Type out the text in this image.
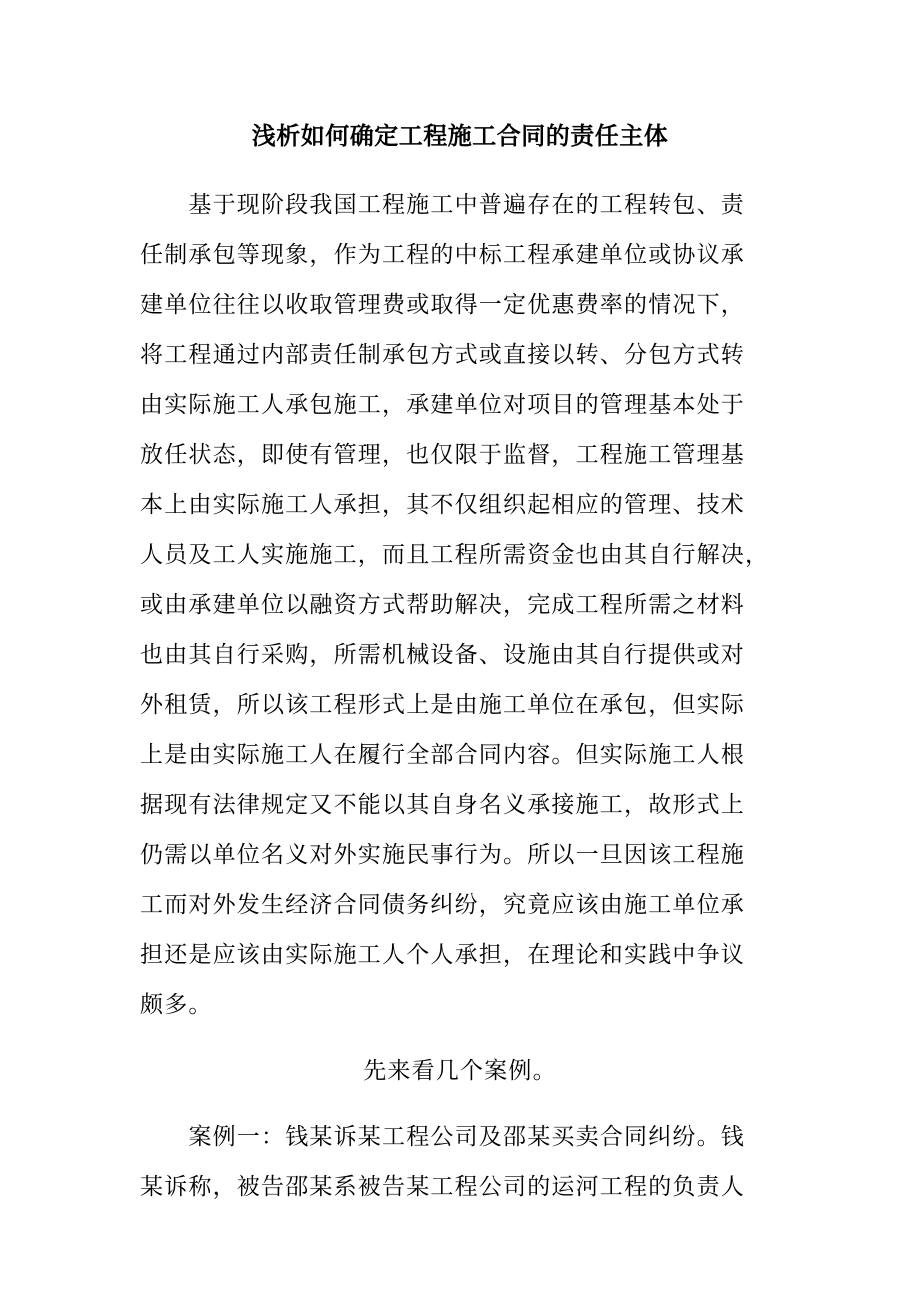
浅析如何确定工程施工合同的责任主体
　　基于现阶段我国工程施工中普遍存在的工程转包、责
任制承包等现象，作为工程的中标工程承建单位或协议承
建单位往往以收取管理费或取得一定优惠费率的情况下，
将工程通过内部责任制承包方式或直接以转、分包方式转
由实际施工人承包施工，承建单位对项目的管理基本处于
放任状态，即使有管理，也仅限于监督，工程施工管理基
本上由实际施工人承担，其不仅组织起相应的管理、技术
人员及工人实施施工，而且工程所需资金也由其自行解决，
或由承建单位以融资方式帮助解决，完成工程所需之材料
也由其自行采购，所需机械设备、设施由其自行提供或对
外租赁，所以该工程形式上是由施工单位在承包，但实际
上是由实际施工人在履行全部合同内容。但实际施工人根
据现有法律规定又不能以其自身名义承接施工，故形式上
仍需以单位名义对外实施民事行为。所以一旦因该工程施
工而对外发生经济合同债务纠纷，究竟应该由施工单位承
担还是应该由实际施工人个人承担，在理论和实践中争议
颇多。
先来看几个案例。
　　案例一：钱某诉某工程公司及邵某买卖合同纠纷。钱
某诉称，被告邵某系被告某工程公司的运河工程的负责人
